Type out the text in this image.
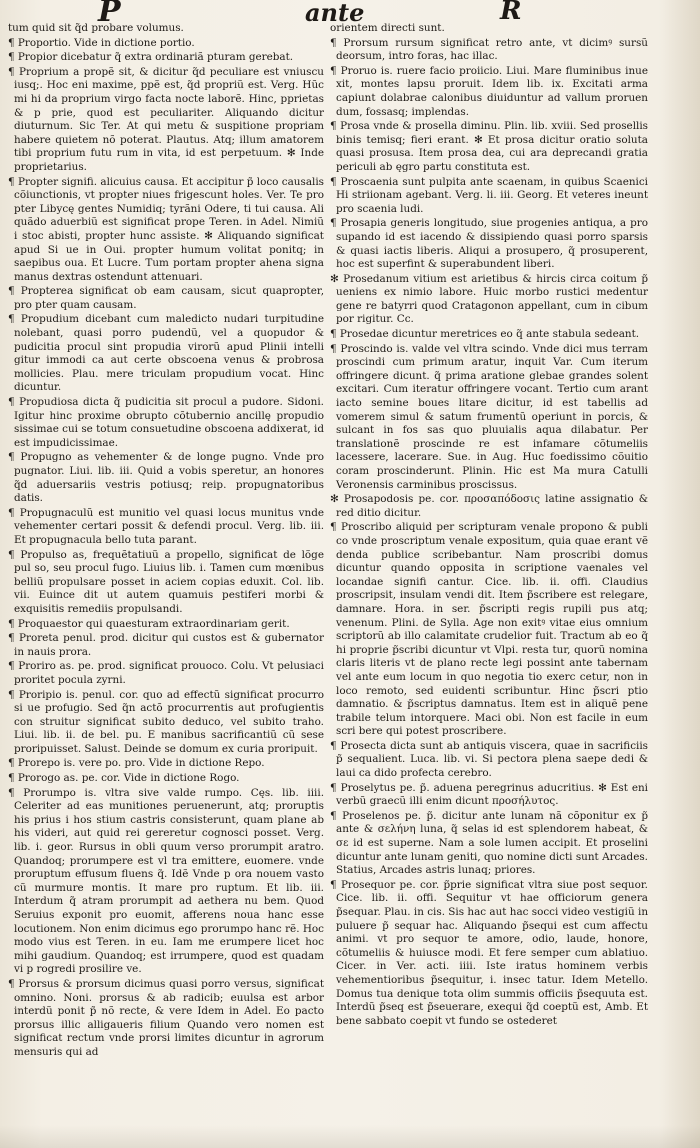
P	ante	R

tum quid sit q̃d probare volumus.

¶ Proportio. Vide in dictione portio.

¶ Propior dicebatur q̃ extra ordinariã pturam gerebat.

¶ Proprium a propẽ sit, & dicitur q̃d peculiare est vniuscu iusq;. Hoc eni maxime, ppẽ est, q̃d propriũ est. Verg. Hũc mi hi da proprium virgo facta nocte laborẽ. Hinc, pprietas & p prie, quod est peculiariter. Aliquando dicitur diuturnum. Sic Ter. At qui metu & suspitione propriam habere quietem nõ poterat. Plautus. Atq; illum amatorem tibi proprium futu rum in vita, id est perpetuum. ✻ Inde proprietarius.

¶ Propter signifi. alicuius causa. Et accipitur p̃ loco causalis cõiunctionis, vt propter niues frigescunt holes. Ver. Te pro pter Libycę gentes Numidiq; tyrãni Odere, ti tui causa. Ali quãdo aduerbiũ est significat prope Teren. in Adel. Nimiũ i stoc abisti, propter hunc assiste. ✻ Aliquando significat apud Si ue in Oui. propter humum volitat ponitq; in saepibus oua. Et Lucre. Tum portam propter ahena signa manus dextras ostendunt attenuari.

¶ Propterea significat ob eam causam, sicut quapropter, pro pter quam causam.

¶ Propudium dicebant cum maledicto nudari turpitudine nolebant, quasi porro pudendũ, vel a quopudor & pudicitia procul sint propudia virorũ apud Plinii intelli gitur immodi ca aut certe obscoena venus & probrosa mollicies. Plau. mere triculam propudium vocat. Hinc dicuntur.

¶ Propudiosa dicta q̃ pudicitia sit procul a pudore. Sidoni. Igitur hinc proxime obrupto cõtubernio ancillę propudio sissimae cui se totum consuetudine obscoena addixerat, id est impudicissimae.

¶ Propugno as vehementer & de longe pugno. Vnde pro pugnator. Liui. lib. iii. Quid a vobis speretur, an honores q̃d aduersariis vestris potiusq; reip. propugnatoribus datis.

¶ Propugnaculũ est munitio vel quasi locus munitus vnde vehementer certari possit & defendi procul. Verg. lib. iii. Et propugnacula bello tuta parant.

¶ Propulso as, frequẽtatiuũ a propello, significat de lõge pul so, seu procul fugo. Liuius lib. i. Tamen cum mœnibus belliũ propulsare posset in aciem copias eduxit. Col. lib. vii. Euince dit ut autem quamuis pestiferi morbi & exquisitis remediis propulsandi.

¶ Proquaestor qui quaesturam extraordinariam gerit.

¶ Proreta penul. prod. dicitur qui custos est & gubernator in nauis prora.

¶ Proriro as. pe. prod. significat prouoco. Colu. Vt pelusiaci proritet pocula zyrni.

¶ Proripio is. penul. cor. quo ad effectũ significat procurro si ue profugio. Sed q̃n actõ procurrentis aut profugientis con struitur significat subito deduco, vel subito traho. Liui. lib. ii. de bel. pu. E manibus sacrificantiũ cũ sese proripuisset. Salust. Deinde se domum ex curia proripuit.

¶ Prorepo is. vere po. pro. Vide in dictione Repo.

¶ Prorogo as. pe. cor. Vide in dictione Rogo.

¶ Prorumpo is. vltra sive valde rumpo. Cęs. lib. iiii. Celeriter ad eas munitiones peruenerunt, atq; proruptis his prius i hos stium castris consisterunt, quam plane ab his videri, aut quid rei gereretur cognosci posset. Verg. lib. i. geor. Rursus in obli quum verso prorumpit aratro. Quandoq; prorumpere est vl tra emittere, euomere. vnde proruptum effusum fluens q̃. Idẽ Vnde p ora nouem vasto cũ murmure montis. It mare pro ruptum. Et lib. iii. Interdum q̃ atram prorumpit ad aethera nu bem. Quod Seruius exponit pro euomit, afferens noua hanc esse locutionem. Non enim dicimus ego prorumpo hanc rẽ. Hoc modo vius est Teren. in eu. Iam me erumpere licet hoc mihi gaudium. Quandoq; est irrumpere, quod est quadam vi p rogredi prosilire ve.

¶ Prorsus & prorsum dicimus quasi porro versus, significat omnino. Noni. prorsus & ab radicib; euulsa est arbor interdũ ponit p̃ nõ recte, & vere Idem in Adel. Eo pacto prorsus illic alligaueris filium Quando vero nomen est significat rectum vnde prorsi limites dicuntur in agrorum mensuris qui ad

orientem directi sunt.

¶ Prorsum rursum significat retro ante, vt dicimꝰ sursũ deorsum, intro foras, hac illac.

¶ Proruo is. ruere facio proiicio. Liui. Mare fluminibus inue xit, montes lapsu proruit. Idem lib. ix. Excitati arma capiunt dolabrae calonibus diuiduntur ad vallum proruen dum, fossasq; implendas.

¶ Prosa vnde & prosella diminu. Plin. lib. xviii. Sed prosellis binis temisq; fieri erant. ✻ Et prosa dicitur oratio soluta quasi prosusa. Item prosa dea, cui ara deprecandi gratia periculi ab ęgro partu constituta est.

¶ Proscaenia sunt pulpita ante scaenam, in quibus Scaenici Hi striionam agebant. Verg. li. iii. Georg. Et veteres ineunt pro scaenia ludi.

¶ Prosapia generis longitudo, siue progenies antiqua, a pro supando id est iacendo & dissipiendo quasi porro sparsis & quasi iactis liberis. Aliqui a prosupero, q̃ prosuperent, hoc est superfint & superabundent liberi.

✻ Prosedanum vitium est arietibus & hircis circa coitum p̃ ueniens ex nimio labore. Huic morbo rustici medentur gene re batyrri quod Cratagonon appellant, cum in cibum por rigitur. Cc.

¶ Prosedae dicuntur meretrices eo q̃ ante stabula sedeant.

¶ Proscindo is. valde vel vltra scindo. Vnde dici mus terram proscindi cum primum aratur, inquit Var. Cum iterum offringere dicunt. q̃ prima aratione glebae grandes solent excitari. Cum iteratur offringere vocant. Tertio cum arant iacto semine boues litare dicitur, id est tabellis ad vomerem simul & satum frumentũ operiunt in porcis, & sulcant in fos sas quo pluuialis aqua dilabatur. Per translationẽ proscinde re est infamare cõtumeliis lacessere, lacerare. Sue. in Aug. Huc foedissimo cõuitio coram proscinderunt. Plinin. Hic est Ma mura Catulli Veronensis carminibus proscissus.

✻ Prosapodosis pe. cor. προσαπόδοσις latine assignatio & red ditio dicitur.

¶ Proscribo aliquid per scripturam venale propono & publi co vnde proscriptum venale expositum, quia quae erant vẽ denda publice scribebantur. Nam proscribi domus dicuntur quando opposita in scriptione vaenales vel locandae signifi cantur. Cice. lib. ii. offi. Claudius proscripsit, insulam vendi dit. Item p̃scribere est relegare, damnare. Hora. in ser. p̃scripti regis rupili pus atq; venenum. Plini. de Sylla. Age non exitꝰ vitae eius omnium scriptorũ ab illo calamitate crudelior fuit. Tractum ab eo q̃ hi proprie p̃scribi dicuntur vt Vlpi. resta tur, quorũ nomina claris literis vt de plano recte legi possint ante tabernam vel ante eum locum in quo negotia tio exerc cetur, non in loco remoto, sed euidenti scribuntur. Hinc p̃scri ptio damnatio. & p̃scriptus damnatus. Item est in aliquẽ pene trabile telum intorquere. Maci obi. Non est facile in eum scri bere qui potest proscribere.

¶ Prosecta dicta sunt ab antiquis viscera, quae in sacrificiis p̃ sequalient. Luca. lib. vi. Si pectora plena saepe dedi & laui ca dido profecta cerebro.

¶ Proselytus pe. p̃. aduena peregrinus aducritius. ✻ Est eni verbũ graecũ illi enim dicunt προσήλυτος.

¶ Proselenos pe. p̃. dicitur ante lunam nã cõponitur ex p̃ ante & σελήνη luna, q̃ selas id est splendorem habeat, & σε id est superne. Nam a sole lumen accipit. Et proselini dicuntur ante lunam geniti, quo nomine dicti sunt Arcades. Statius, Arcades astris lunaq; priores.

¶ Prosequor pe. cor. p̃prie significat vltra siue post sequor. Cice. lib. ii. offi. Sequitur vt hae officiorum genera p̃sequar. Plau. in cis. Sis hac aut hac socci video vestigiũ in puluere p̃ sequar hac. Aliquando p̃sequi est cum affectu animi. vt pro sequor te amore, odio, laude, honore, cõtumeliis & huiusce modi. Et fere semper cum ablatiuo. Cicer. in Ver. acti. iiii. Iste iratus hominem verbis vehementioribus p̃sequitur, i. insec tatur. Idem Metello. Domus tua denique tota olim summis officiis p̃sequuta est. Interdũ p̃seq est p̃seuerare, exequi q̃d coeptũ est, Amb. Et bene sabbato coepit vt fundo se ostederet
